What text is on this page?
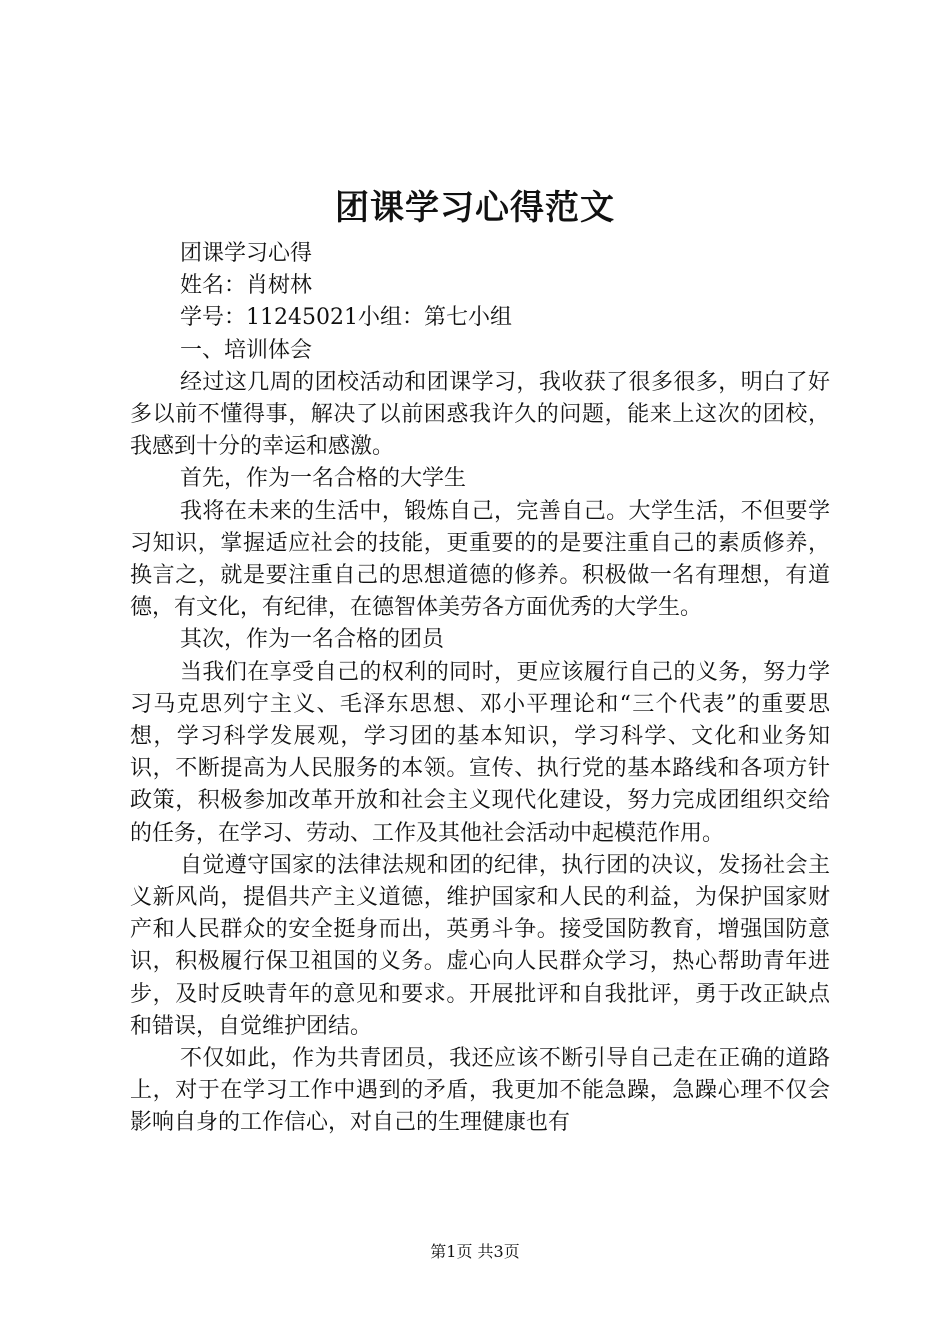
团课学习心得范文

团课学习心得

姓名：肖树林

学号：11245021小组：第七小组

一、培训体会

经过这几周的团校活动和团课学习，我收获了很多很多，明白了好多以前不懂得事，解决了以前困惑我许久的问题，能来上这次的团校，我感到十分的幸运和感激。

首先，作为一名合格的大学生

我将在未来的生活中，锻炼自己，完善自己。大学生活，不但要学习知识，掌握适应社会的技能，更重要的的是要注重自己的素质修养，换言之，就是要注重自己的思想道德的修养。积极做一名有理想，有道德，有文化，有纪律，在德智体美劳各方面优秀的大学生。

其次，作为一名合格的团员

当我们在享受自己的权利的同时，更应该履行自己的义务，努力学习马克思列宁主义、毛泽东思想、邓小平理论和“三个代表”的重要思想，学习科学发展观，学习团的基本知识，学习科学、文化和业务知识，不断提高为人民服务的本领。宣传、执行党的基本路线和各项方针政策，积极参加改革开放和社会主义现代化建设，努力完成团组织交给的任务，在学习、劳动、工作及其他社会活动中起模范作用。

自觉遵守国家的法律法规和团的纪律，执行团的决议，发扬社会主义新风尚，提倡共产主义道德，维护国家和人民的利益，为保护国家财产和人民群众的安全挺身而出，英勇斗争。接受国防教育，增强国防意识，积极履行保卫祖国的义务。虚心向人民群众学习，热心帮助青年进步，及时反映青年的意见和要求。开展批评和自我批评，勇于改正缺点和错误，自觉维护团结。

不仅如此，作为共青团员，我还应该不断引导自己走在正确的道路上，对于在学习工作中遇到的矛盾，我更加不能急躁，急躁心理不仅会影响自身的工作信心，对自己的生理健康也有

第1页 共3页
